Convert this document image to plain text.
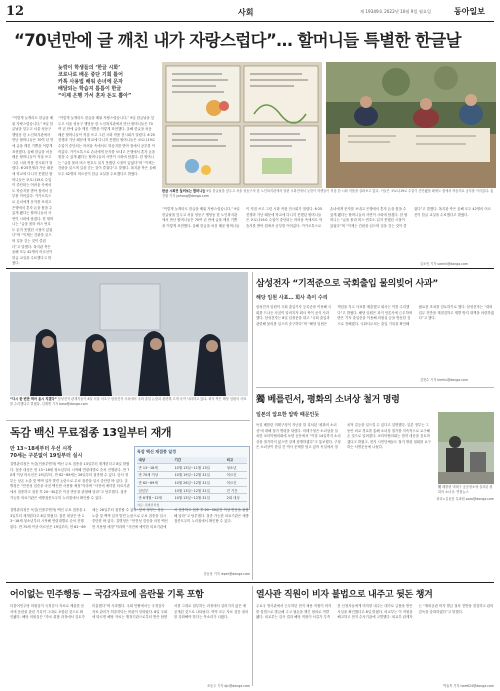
12	사회	제 19349호 2022년 10월 9일 월요일	동아일보
“70년만에 글 깨친 내가 자랑스럽다”… 할머니들 특별한 한글날
늦깎이 학생들의 ‘한글 시화’
코로나로 배운 중단 기회 틀어
카톡 사용법 배워 손녀에 문자
배달되는 학습지 틈틈이 한글
“이제 은행 가서 혼자 돈도 뽑아”
“이렇게 늦게라도 한글을 배워 자랑스럽습니다.” 9일 한글날을 앞두고 서울 성동구 행당동 한 노인복지관에서 만난 할머니들은 70여 년 만에 글을 깨친 기쁨을 이렇게 표현했다. 올해 한글을 처음 배운 할머니들이 직접 쓰고 그린 시화 작품 전시회가 열렸다. 6·25전쟁과 가난 때문에 학교에 다니지 못했던 할머니들은 코로나19로 수업이 중단되는 어려움 속에서도 학습지를 받아 집에서 공부를 이어갔다. 카카오톡으로 손녀에게 문자를 보내고 은행에서 혼자 돈을 찾을 수 있게 됐다는 할머니들의 사연이 시화에 담겼다. 한 할머니는 “글을 몰라 버스 번호도 읽지 못했던 시절이 있었다”며 “이제는 간판을 읽으며 길을 걷는 것이 즐겁다”고 말했다. 복지관 측은 올해 모두 42명의 어르신이 한글 교실을 수료했다고 밝혔다.
한글 시화전 둘러보는 할머니들 9일 한글날을 앞두고 서울 성동구의 한 노인복지관에서 열린 시화전에서 늦깎이 학생들이 직접 쓴 시화 작품을 살펴보고 있다. 이들은 코로나19로 수업이 중단됐을 때에도 집에서 학습지로 공부를 이어갔다. 홍진환 기자 jwhong@donga.com
“이렇게 늦게라도 한글을 배워 자랑스럽습니다.” 9일 한글날을 앞두고 서울 성동구 행당동 한 노인복지관에서 만난 할머니들은 70여 년 만에 글을 깨친 기쁨을 이렇게 표현했다. 올해 한글을 처음 배운 할머니들이 직접 쓰고 그린 시화 작품 전시회가 열렸다. 6·25전쟁과 가난 때문에 학교에 다니지 못했던 할머니들은 코로나19로 수업이 중단되는 어려움 속에서도 학습지를 받아 집에서 공부를 이어갔다. 카카오톡으로 손녀에게 문자를 보내고 은행에서 혼자 돈을 찾을 수 있게 됐다는 할머니들의 사연이 시화에 담겼다. 한 할머니는 “글을 몰라 버스 번호도 읽지 못했던 시절이 있었다”며 “이제는 간판을 읽으며 길을 걷는 것이 즐겁다”고 말했다. 복지관 측은 올해 모두 42명의 어르신이 한글 교실을 수료했다고 밝혔다.
“이렇게 늦게라도 한글을 배워 자랑스럽습니다.” 9일 한글날을 앞두고 서울 성동구 행당동 한 노인복지관에서 만난 할머니들은 70여 년 만에 글을 깨친 기쁨을 이렇게 표현했다. 올해 한글을 처음 배운 할머니들이 직접 쓰고 그린 시화 작품 전시회가 열렸다. 6·25전쟁과 가난 때문에 학교에 다니지 못했던 할머니들은 코로나19로 수업이 중단되는 어려움 속에서도 학습지를 받아 집에서 공부를 이어갔다. 카카오톡으로 손녀에게 문자를 보내고 은행에서 혼자 돈을 찾을 수 있게 됐다는 할머니들의 사연이 시화에 담겼다. 한 할머니는 “글을 몰라 버스 번호도 읽지 못했던 시절이 있었다”며 “이제는 간판을 읽으며 길을 걷는 것이 즐겁다”고 말했다. 복지관 측은 올해 모두 42명의 어르신이 한글 교실을 수료했다고 밝혔다.	김소민 기자 somin@donga.com
“다시 한 번만 먹어 음시 지겠다” 삼성전자 관계자들이 8일 서울 서초구 삼성전자 사옥에서 국회 출입 논란과 관련해 고개 숙여 사과하고 있다. 회사 측은 해당 임원의 사표를 수리했다고 밝혔다. 김재명 기자 base@donga.com
삼성전자 “기적준으로 국회출입 물의빚어 사과”
해당 임원 사표… 회사 측이 수리
삼성전자 임원이 국회 출입기자 등록증을 이용해 국회를 드나든 사실이 알려지자 회사 측이 공식 사과했다. 삼성전자는 8일 입장문을 내고 “국회 출입과 관련해 물의를 일으켜 송구하다”며 “해당 임원은 책임을 지고 사표를 제출했고 회사는 이를 수리했다”고 밝혔다. 해당 임원은 과거 언론사에 근무하며 받은 기자 출입증을 이용해 의원실 등을 방문한 것으로 전해졌다. 국회사무처는 출입 기록을 확인해 필요한 조치를 검토하기로 했다. 삼성전자는 “대외 업무 전반을 재점검하고 재발 방지 대책을 마련하겠다”고 했다.
김현수 기자 kimhs@donga.com
獨 베를린서, 평화의 소녀상 철거 명령
일본의 압요한 압박 때문인듯
독일 베를린 미테구청이 지난달 말 설치된 ‘평화의 소녀상’에 대해 철거 명령을 내렸다. 미테구청은 소녀상을 설치한 코리아협의회에 보낸 공문에서 “이달 14일까지 소녀상을 철거하지 않으면 강제 집행하겠다”고 통보했다. 구청은 소녀상이 한일 간 역사 문제를 담고 있어 독일에서 정치적 갈등을 일으킬 수 있다고 설명했다. 일본 정부는 그동안 외교 경로를 통해 소녀상 철거를 지속적으로 요구해 온 것으로 알려졌다. 코리아협의회는 법적 대응을 검토하겠다고 밝혔고, 현지 시민단체들도 철거 명령 철회를 요구하는 서명운동에 나섰다.
獨 베를린 미테구 공공장소에 설치된 평화의 소녀상. 연합뉴스
파리=김윤종 특파원 zozo@donga.com
독감 백신 무료접종 13일부터 재개
만 13~18세부터 우선 시작
70세는 구분없이 19일부터 실시
질병관리청은 독감(인플루엔자) 백신 무료 접종을 13일부터 재개한다고 8일 밝혔다. 접종 대상은 만 13~18세 청소년부터 시작해 연령대별로 순차 진행된다. 만 70세 이상 어르신은 19일부터, 만 62~69세는 26일부터 접종할 수 있다. 앞서 정부는 상온 노출 및 백색 입자 발견 논란으로 무료 접종을 일시 중단한 바 있다. 질병청은 “안전성 검증을 마친 백신만 사용할 예정”이라며 “사전에 예약한 의료기관에서 접종하고 접종 후 20~30분간 이상 반응을 관찰해 달라”고 당부했다. 접종 가능한 의료기관은 예방접종도우미 누리집에서 확인할 수 있다.
독감 백신 재접종 일정
대상	기간	비고
만 13~18세	10월 13일~11월 13일	청소년
만 70세 이상	10월 19일~12월 31일	어르신
만 62~69세	10월 26일~12월 31일	어르신
임신부	10월 13일~12월 31일	전 기간
만 6개월~12세	10월 13일~12월 31일	2회 대상
자료: 질병관리청
질병관리청은 독감(인플루엔자) 백신 무료 접종을 13일부터 재개한다고 8일 밝혔다. 접종 대상은 만 13~18세 청소년부터 시작해 연령대별로 순차 진행된다. 만 70세 이상 어르신은 19일부터, 만 62~69세는 26일부터 접종할 수 있다. 앞서 정부는 상온 노출 및 백색 입자 발견 논란으로 무료 접종을 일시 중단한 바 있다. 질병청은 “안전성 검증을 마친 백신만 사용할 예정”이라며 “사전에 예약한 의료기관에서 접종하고 접종 후 20~30분간 이상 반응을 관찰해 달라”고 당부했다. 접종 가능한 의료기관은 예방접종도우미 누리집에서 확인할 수 있다.
강동웅 기자 leper@donga.com
어이없는 민주행동 — 국감자료에 음란물 기록 포함
더불어민주당 의원실이 국정감사 자료로 제출한 문서에 음란물 관련 기록이 그대로 포함된 것으로 확인됐다. 해당 의원실은 “자료 취합 과정에서 검토가 미흡했다”며 사과했다. 국회 안팎에서는 국정감사 자료 관리가 허술하다는 비판이 잇따랐다. 8일 국회에 따르면 해당 자료는 행정기관으로부터 받은 답변서를 그대로 첨부하는 과정에서 걸러지지 않은 채 공개된 것으로 나타났다. 여야 모두 자료 검증 절차를 강화해야 한다는 목소리가 나왔다.
조동주 기자 djc@donga.com
열사관 직원이 비자 불법으로 내주고 뒷돈 챙겨
주요국 영사관에서 근무하던 현지 채용 직원이 비자를 불법으로 발급해 주고 뒷돈을 챙긴 혐의로 적발됐다. 외교부는 감사 결과 해당 직원이 서류가 부족한 신청자들에게 비자를 내주는 대가로 금품을 받은 사실을 확인했다고 8일 밝혔다. 외교부는 이 직원을 해고하고 현지 수사기관에 고발했다. 외교부 관계자는 “재외공관 비자 발급 절차 전반을 점검하고 관리 감독을 강화하겠다”고 말했다.
박효목 기자 tree624@donga.com
